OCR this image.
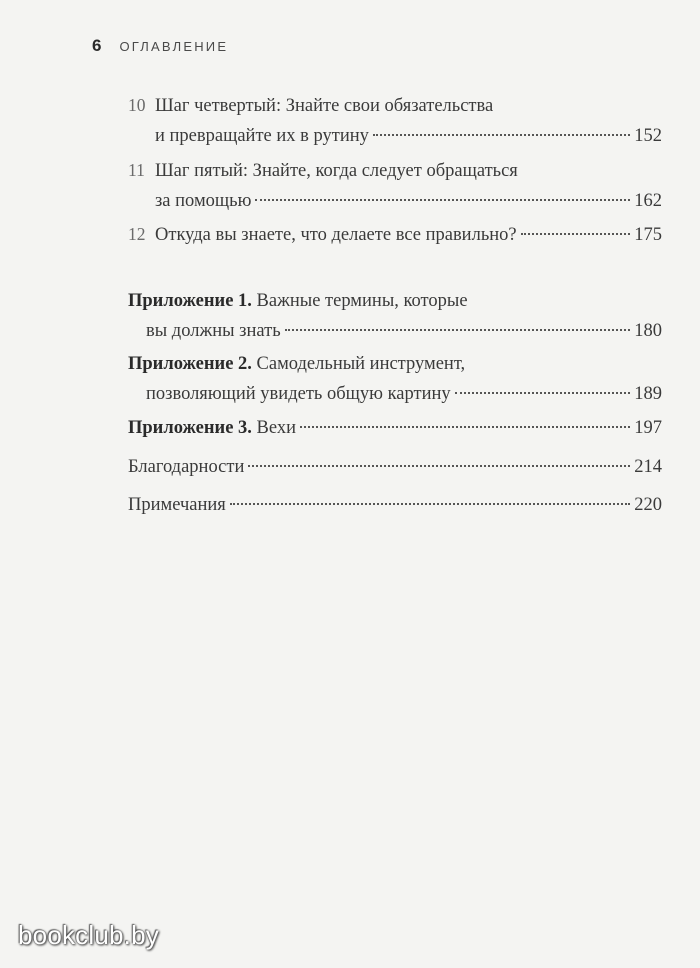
6 ОГЛАВЛЕНИЕ
10 Шаг четвертый: Знайте свои обязательства
и превращайте их в рутину	152
11 Шаг пятый: Знайте, когда следует обращаться
за помощью	162
12 Откуда вы знаете, что делаете все правильно?	175
Приложение 1. Важные термины, которые
вы должны знать	180
Приложение 2. Самодельный инструмент,
позволяющий увидеть общую картину	189
Приложение 3. Вехи	197
Благодарности	214
Примечания	220
bookclub.by
